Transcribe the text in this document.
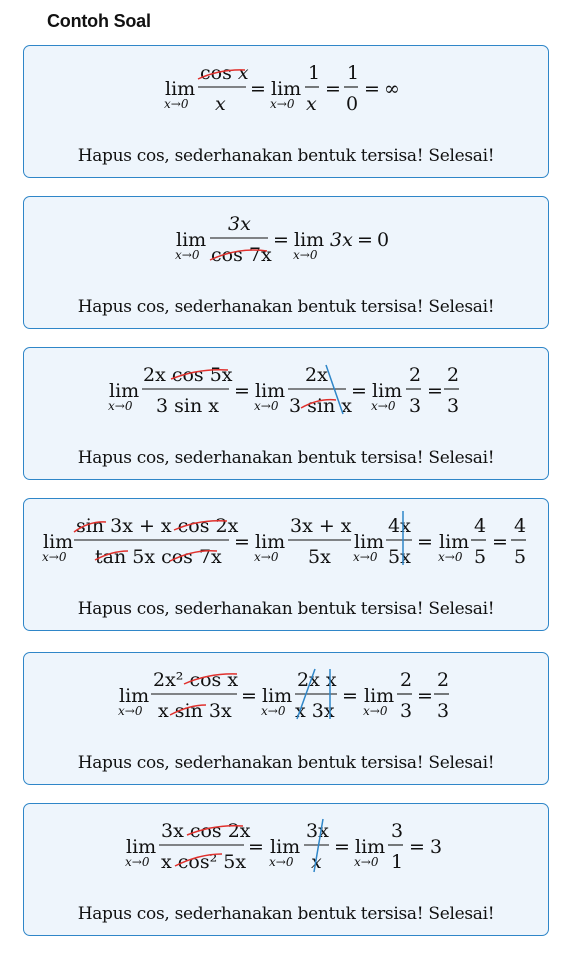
Contoh Soal
lim
x→0
cos x
x
= lim
x→0
1
x
=
1
0
= ∞
Hapus cos, sederhanakan bentuk tersisa! Selesai!
lim
x→0
3x
cos 7x
= lim
x→0
3x = 0
Hapus cos, sederhanakan bentuk tersisa! Selesai!
lim
x→0
2x cos 5x
3 sin x
= lim
x→0
2x
3 sin x
= lim
x→0
2
3
=
2
3
Hapus cos, sederhanakan bentuk tersisa! Selesai!
lim
x→0
sin 3x + x cos 2x
tan 5x cos 7x
= lim
x→0
3x + x
5x
lim
x→0
4x
5x
= lim
x→0
4
5
=
4
5
Hapus cos, sederhanakan bentuk tersisa! Selesai!
lim
x→0
2x² cos x
x sin 3x
= lim
x→0
2x x
x 3x
= lim
x→0
2
3
=
2
3
Hapus cos, sederhanakan bentuk tersisa! Selesai!
lim
x→0
3x cos 2x
x cos² 5x
= lim
x→0
3x
x
= lim
x→0
3
1
= 3
Hapus cos, sederhanakan bentuk tersisa! Selesai!
